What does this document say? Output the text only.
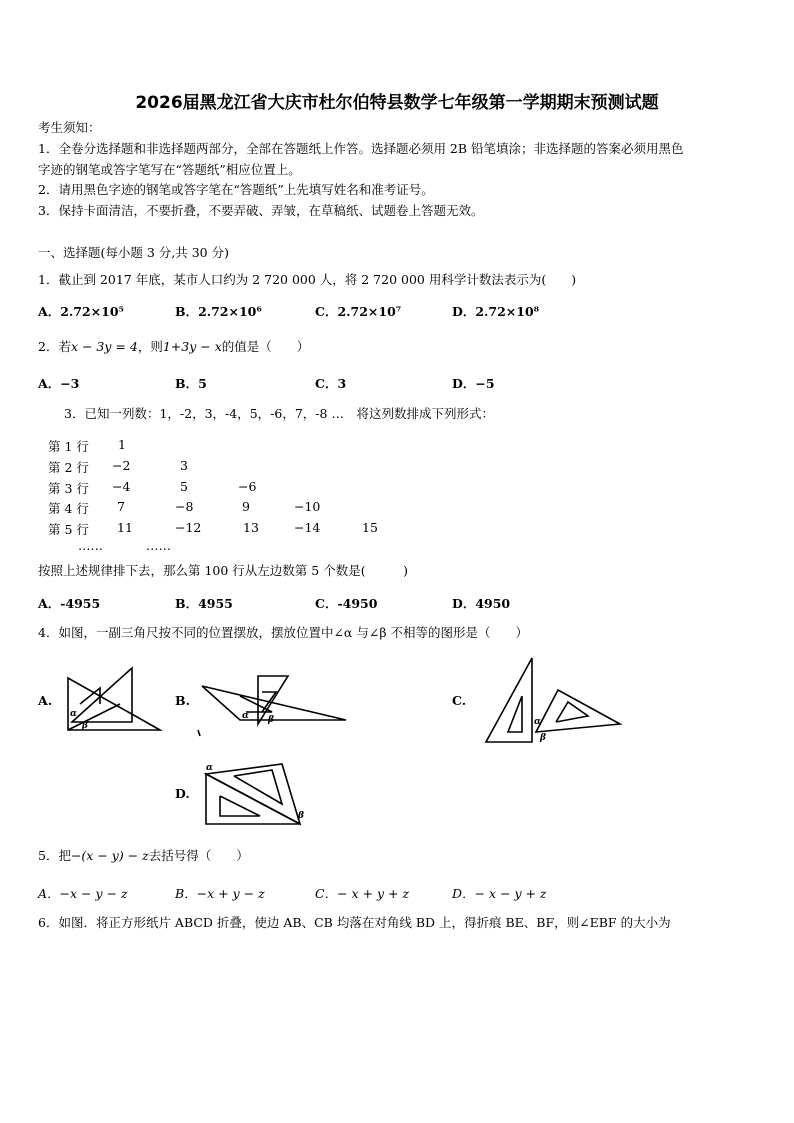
2026届黑龙江省大庆市杜尔伯特县数学七年级第一学期期末预测试题
考生须知：
1．全卷分选择题和非选择题两部分，全部在答题纸上作答。选择题必须用 2B 铅笔填涂；非选择题的答案必须用黑色
字迹的钢笔或答字笔写在“答题纸”相应位置上。
2．请用黑色字迹的钢笔或答字笔在“答题纸”上先填写姓名和准考证号。
3．保持卡面清洁，不要折叠，不要弄破、弄皱，在草稿纸、试题卷上答题无效。
一、选择题(每小题 3 分,共 30 分)
1．截止到 2017 年底，某市人口约为 2 720 000 人，将 2 720 000 用科学计数法表示为(　　)
A．2.72×10⁵	B．2.72×10⁶	C．2.72×10⁷	D．2.72×10⁸
2．若x − 3y = 4，则1+3y − x的值是（　　）
A．−3	B．5	C．3	D．−5
3．已知一列数：1，-2，3，-4，5，-6，7，-8 …　将这列数排成下列形式：
第 1 行 1
第 2 行 −2	3
第 3 行 −4	5	−6
第 4 行 7	−8	9	−10
第 5 行 11	−12	13	−14	15
……	……
按照上述规律排下去，那么第 100 行从左边数第 5 个数是(　　　)
A．-4955	B．4955	C．-4950	D．4950
4．如图，一副三角尺按不同的位置摆放，摆放位置中∠α 与∠β 不相等的图形是（　　）
A.
α
β
B.
α β
C.
α
β
D.
α
β
5．把−(x − y) − z去括号得（　　）
A．−x − y − z	B．−x + y − z	C．− x + y + z	D．− x − y + z
6．如图．将正方形纸片 ABCD 折叠，使边 AB、CB 均落在对角线 BD 上，得折痕 BE、BF，则∠EBF 的大小为
